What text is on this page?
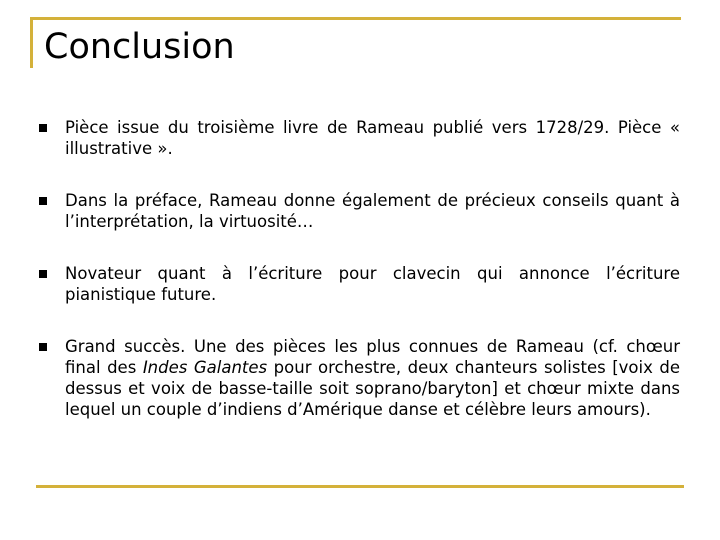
Conclusion
Pièce issue du troisième livre de Rameau publié vers 1728/29. Pièce « illustrative ».
Dans la préface, Rameau donne également de précieux conseils quant à l’interprétation, la virtuosité…
Novateur quant à l’écriture pour clavecin qui annonce l’écriture pianistique future.
Grand succès. Une des pièces les plus connues de Rameau (cf. chœur final des Indes Galantes pour orchestre, deux chanteurs solistes [voix de dessus et voix de basse-taille soit soprano/baryton] et chœur mixte dans lequel un couple d’indiens d’Amérique danse et célèbre leurs amours).
